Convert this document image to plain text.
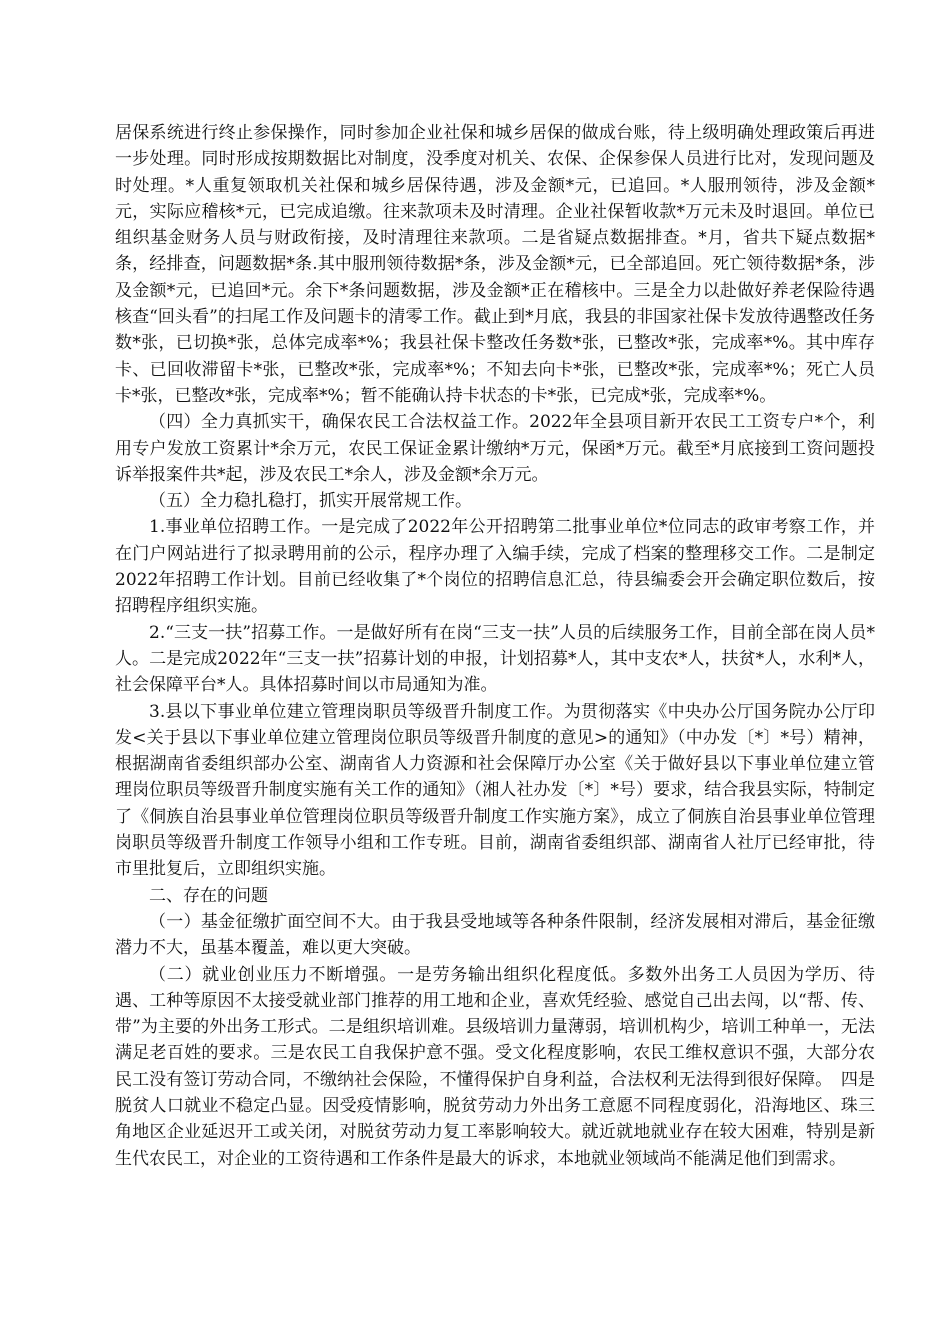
居保系统进行终止参保操作，同时参加企业社保和城乡居保的做成台账，待上级明确处理政策后再进一步处理。同时形成按期数据比对制度，没季度对机关、农保、企保参保人员进行比对，发现问题及时处理。*人重复领取机关社保和城乡居保待遇，涉及金额*元，已追回。*人服刑领待，涉及金额*元，实际应稽核*元，已完成追缴。往来款项未及时清理。企业社保暂收款*万元未及时退回。单位已组织基金财务人员与财政衔接，及时清理往来款项。二是省疑点数据排查。*月，省共下疑点数据*条，经排查，问题数据*条.其中服刑领待数据*条，涉及金额*元，已全部追回。死亡领待数据*条，涉及金额*元，已追回*元。余下*条问题数据，涉及金额*正在稽核中。三是全力以赴做好养老保险待遇核查“回头看”的扫尾工作及问题卡的清零工作。截止到*月底，我县的非国家社保卡发放待遇整改任务数*张，已切换*张，总体完成率*%；我县社保卡整改任务数*张，已整改*张，完成率*%。其中库存卡、已回收滞留卡*张，已整改*张，完成率*%；不知去向卡*张，已整改*张，完成率*%；死亡人员卡*张，已整改*张，完成率*%；暂不能确认持卡状态的卡*张，已完成*张，完成率*%。

（四）全力真抓实干，确保农民工合法权益工作。2022年全县项目新开农民工工资专户*个，利用专户发放工资累计*余万元，农民工保证金累计缴纳*万元，保函*万元。截至*月底接到工资问题投诉举报案件共*起，涉及农民工*余人，涉及金额*余万元。

（五）全力稳扎稳打，抓实开展常规工作。

1.事业单位招聘工作。一是完成了2022年公开招聘第二批事业单位*位同志的政审考察工作，并在门户网站进行了拟录聘用前的公示，程序办理了入编手续，完成了档案的整理移交工作。二是制定2022年招聘工作计划。目前已经收集了*个岗位的招聘信息汇总，待县编委会开会确定职位数后，按招聘程序组织实施。

2.“三支一扶”招募工作。一是做好所有在岗“三支一扶”人员的后续服务工作，目前全部在岗人员*人。二是完成2022年“三支一扶”招募计划的申报，计划招募*人，其中支农*人，扶贫*人，水利*人，社会保障平台*人。具体招募时间以市局通知为准。

3.县以下事业单位建立管理岗职员等级晋升制度工作。为贯彻落实《中央办公厅国务院办公厅印发<关于县以下事业单位建立管理岗位职员等级晋升制度的意见>的通知》（中办发〔*〕*号）精神，根据湖南省委组织部办公室、湖南省人力资源和社会保障厅办公室《关于做好县以下事业单位建立管理岗位职员等级晋升制度实施有关工作的通知》（湘人社办发〔*〕*号）要求，结合我县实际，特制定了《侗族自治县事业单位管理岗位职员等级晋升制度工作实施方案》，成立了侗族自治县事业单位管理岗职员等级晋升制度工作领导小组和工作专班。目前，湖南省委组织部、湖南省人社厅已经审批，待市里批复后，立即组织实施。

二、存在的问题

（一）基金征缴扩面空间不大。由于我县受地域等各种条件限制，经济发展相对滞后，基金征缴潜力不大，虽基本覆盖，难以更大突破。

（二）就业创业压力不断增强。一是劳务输出组织化程度低。多数外出务工人员因为学历、待遇、工种等原因不太接受就业部门推荐的用工地和企业，喜欢凭经验、感觉自己出去闯，以“帮、传、带”为主要的外出务工形式。二是组织培训难。县级培训力量薄弱，培训机构少，培训工种单一，无法满足老百姓的要求。三是农民工自我保护意不强。受文化程度影响，农民工维权意识不强，大部分农民工没有签订劳动合同，不缴纳社会保险，不懂得保护自身利益，合法权利无法得到很好保障。　四是脱贫人口就业不稳定凸显。因受疫情影响，脱贫劳动力外出务工意愿不同程度弱化，沿海地区、珠三角地区企业延迟开工或关闭，对脱贫劳动力复工率影响较大。就近就地就业存在较大困难，特别是新生代农民工，对企业的工资待遇和工作条件是最大的诉求，本地就业领域尚不能满足他们到需求。
